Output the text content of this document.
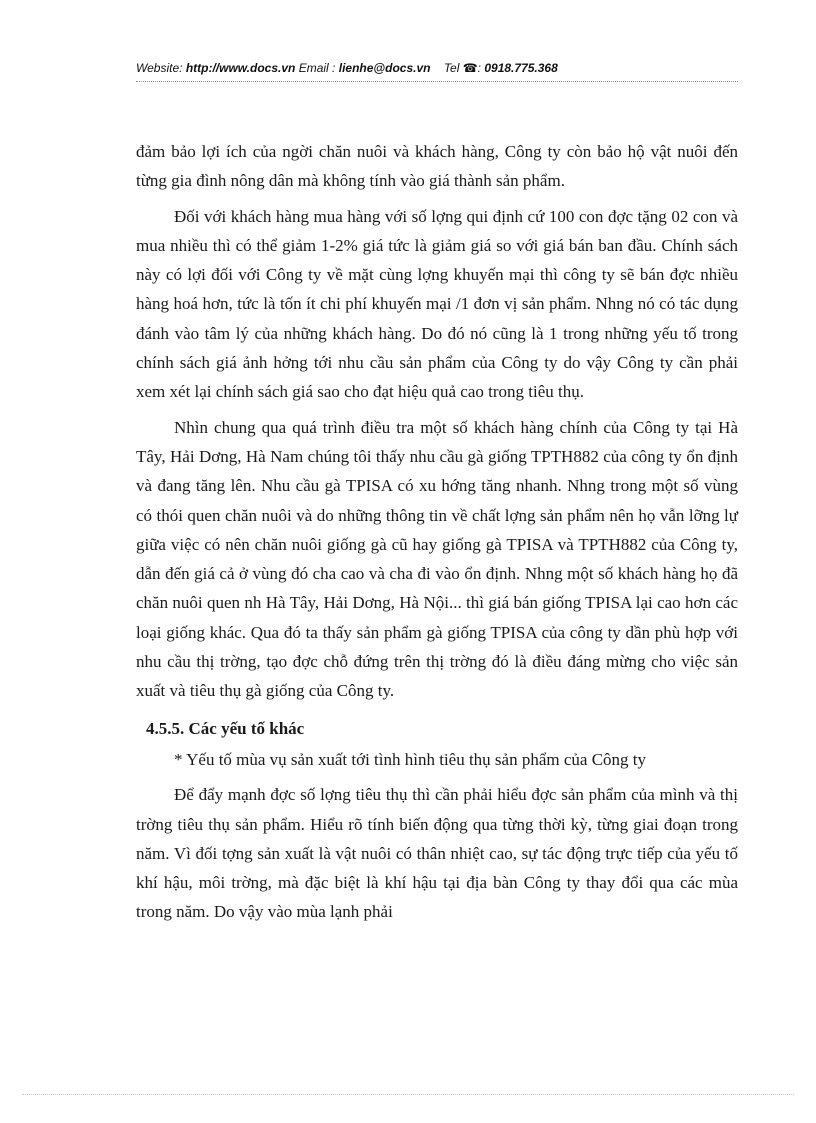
Website: http://www.docs.vn Email : lienhe@docs.vn Tel ☎: 0918.775.368

đảm bảo lợi ích của ngời chăn nuôi và khách hàng, Công ty còn bảo hộ vật nuôi đến từng gia đình nông dân mà không tính vào giá thành sản phẩm.

Đối với khách hàng mua hàng với số lợng qui định cứ 100 con đợc tặng 02 con và mua nhiều thì có thể giảm 1-2% giá tức là giảm giá so với giá bán ban đầu. Chính sách này có lợi đối với Công ty về mặt cùng lợng khuyến mại thì công ty sẽ bán đợc nhiều hàng hoá hơn, tức là tốn ít chi phí khuyến mại /1 đơn vị sản phẩm. Nhng nó có tác dụng đánh vào tâm lý của những khách hàng. Do đó nó cũng là 1 trong những yếu tố trong chính sách giá ảnh hởng tới nhu cầu sản phẩm của Công ty do vậy Công ty cần phải xem xét lại chính sách giá sao cho đạt hiệu quả cao trong tiêu thụ.

Nhìn chung qua quá trình điều tra một số khách hàng chính của Công ty tại Hà Tây, Hải Dơng, Hà Nam chúng tôi thấy nhu cầu gà giống TPTH882 của công ty ổn định và đang tăng lên. Nhu cầu gà TPISA có xu hớng tăng nhanh. Nhng trong một số vùng có thói quen chăn nuôi và do những thông tin về chất lợng sản phẩm nên họ vẫn lỡng lự giữa việc có nên chăn nuôi giống gà cũ hay giống gà TPISA và TPTH882 của Công ty, dẫn đến giá cả ở vùng đó cha cao và cha đi vào ổn định. Nhng một số khách hàng họ đã chăn nuôi quen nh Hà Tây, Hải Dơng, Hà Nội... thì giá bán giống TPISA lại cao hơn các loại giống khác. Qua đó ta thấy sản phẩm gà giống TPISA của công ty dần phù hợp với nhu cầu thị trờng, tạo đợc chỗ đứng trên thị trờng đó là điều đáng mừng cho việc sản xuất và tiêu thụ gà giống của Công ty.

4.5.5. Các yếu tố khác

* Yếu tố mùa vụ sản xuất tới tình hình tiêu thụ sản phẩm của Công ty

Để đẩy mạnh đợc số lợng tiêu thụ thì cần phải hiểu đợc sản phẩm của mình và thị trờng tiêu thụ sản phẩm. Hiểu rõ tính biến động qua từng thời kỳ, từng giai đoạn trong năm. Vì đối tợng sản xuất là vật nuôi có thân nhiệt cao, sự tác động trực tiếp của yếu tố khí hậu, môi trờng, mà đặc biệt là khí hậu tại địa bàn Công ty thay đổi qua các mùa trong năm. Do vậy vào mùa lạnh phải
